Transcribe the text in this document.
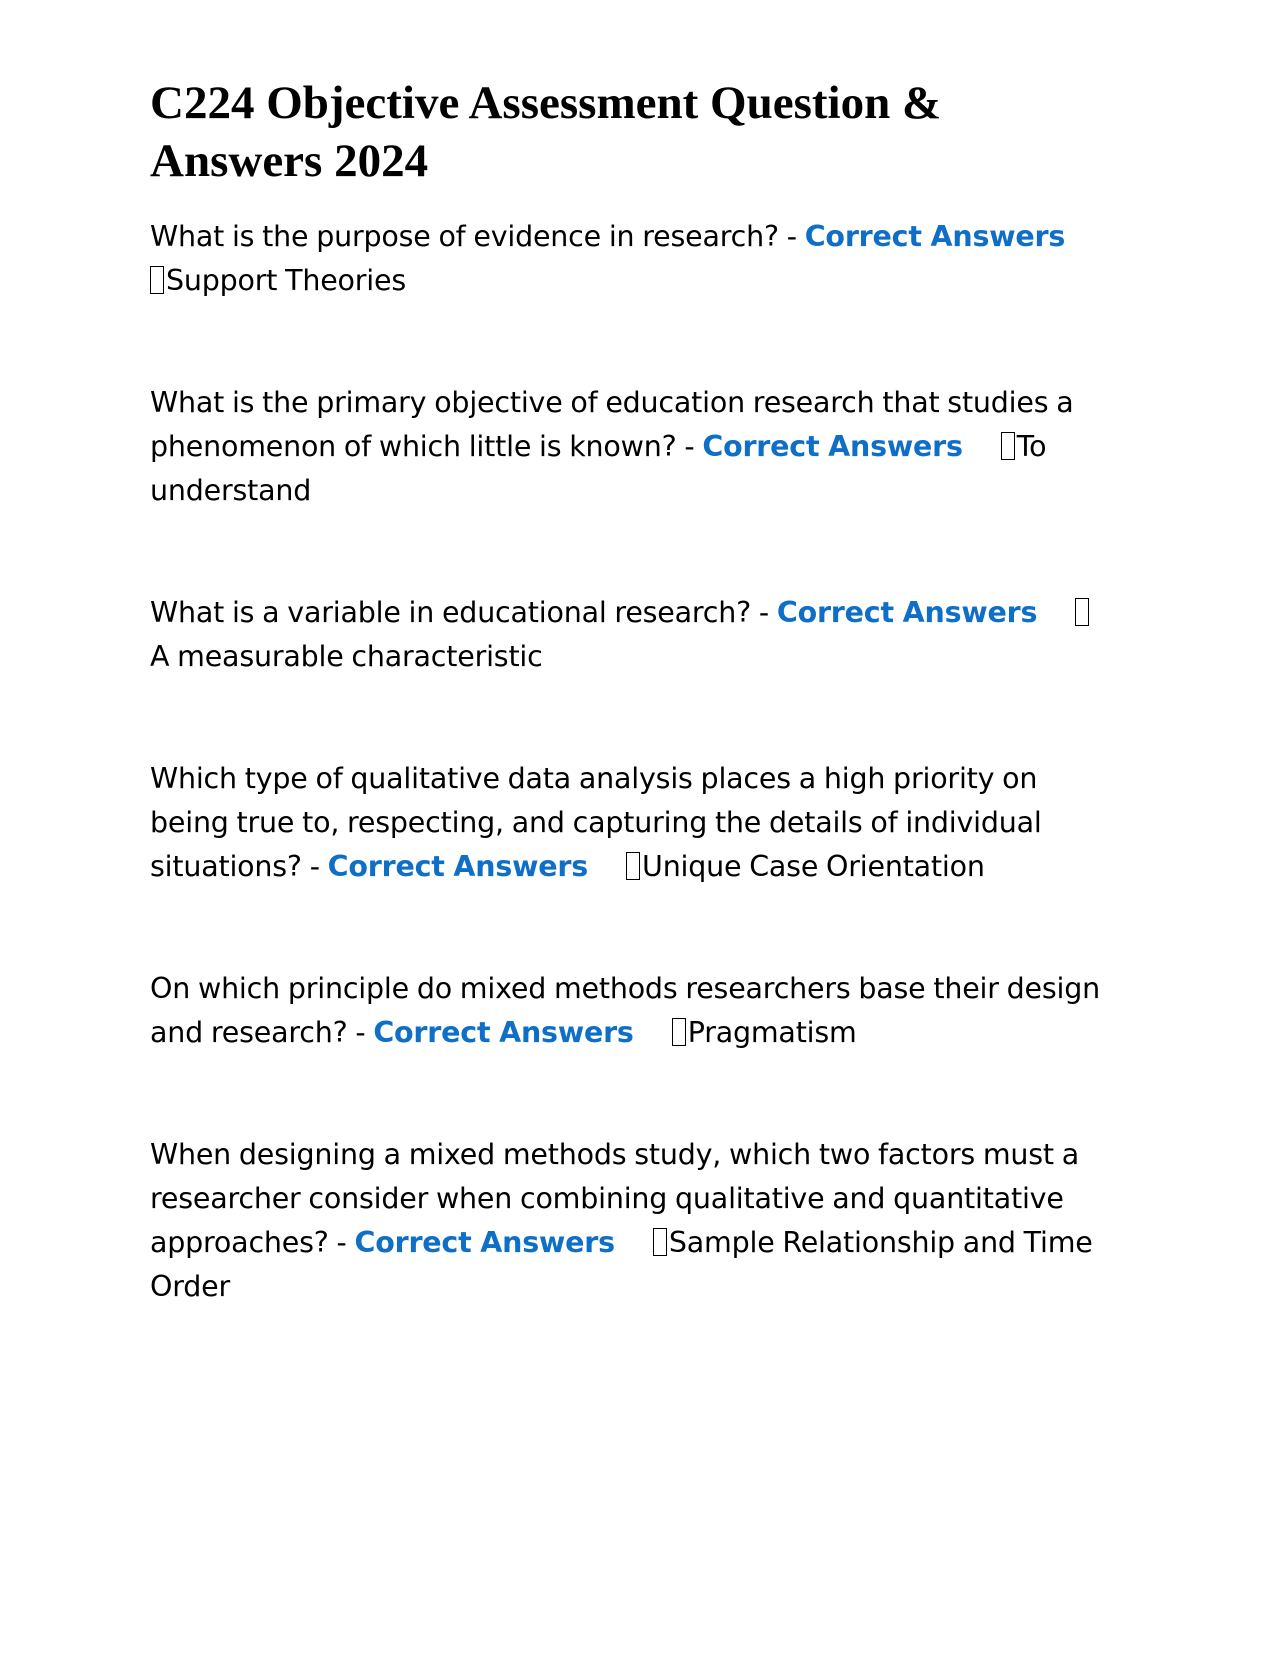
C224 Objective Assessment Question & Answers 2024

What is the purpose of evidence in research? - Correct Answers
Support Theories

What is the primary objective of education research that studies a phenomenon of which little is known? - Correct Answers To understand

What is a variable in educational research? - Correct AnswersA measurable characteristic

Which type of qualitative data analysis places a high priority on being true to, respecting, and capturing the details of individual situations? - Correct Answers Unique Case Orientation

On which principle do mixed methods researchers base their design and research? - Correct Answers Pragmatism

When designing a mixed methods study, which two factors must a researcher consider when combining qualitative and quantitative approaches? - Correct Answers Sample Relationship and Time Order
